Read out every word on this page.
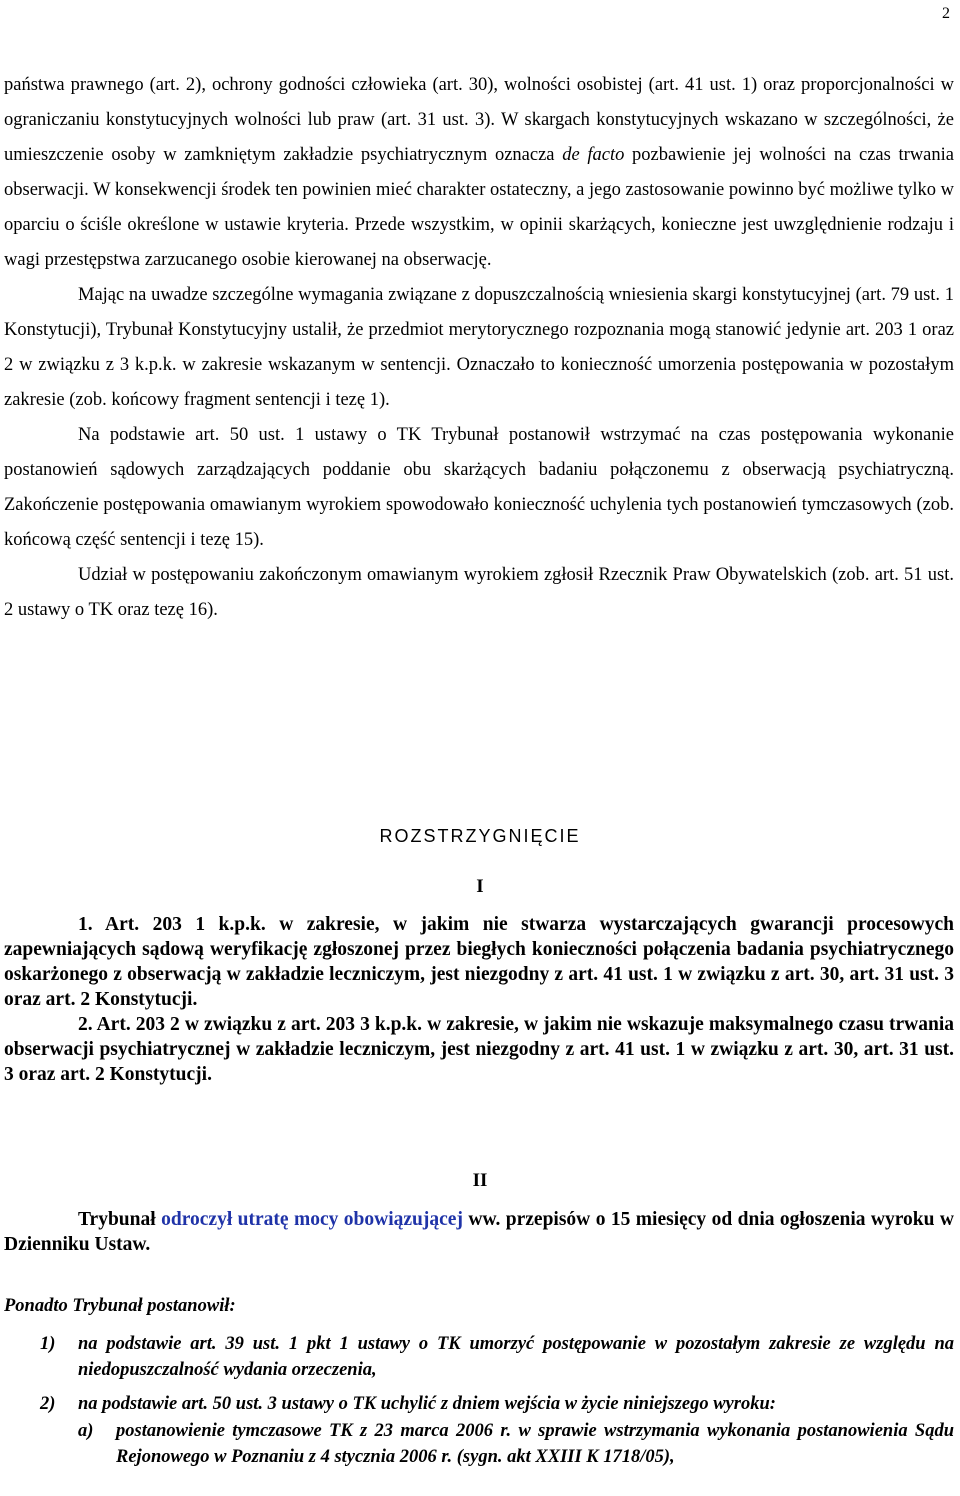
2

państwa prawnego (art. 2), ochrony godności człowieka (art. 30), wolności osobistej (art. 41 ust. 1) oraz proporcjonalności w ograniczaniu konstytucyjnych wolności lub praw (art. 31 ust. 3). W skargach konstytucyjnych wskazano w szczególności, że umieszczenie osoby w zamkniętym zakładzie psychiatrycznym oznacza de facto pozbawienie jej wolności na czas trwania obserwacji. W konsekwencji środek ten powinien mieć charakter ostateczny, a jego zastosowanie powinno być możliwe tylko w oparciu o ściśle określone w ustawie kryteria. Przede wszystkim, w opinii skarżących, konieczne jest uwzględnienie rodzaju i wagi przestępstwa zarzucanego osobie kierowanej na obserwację.

Mając na uwadze szczególne wymagania związane z dopuszczalnością wniesienia skargi konstytucyjnej (art. 79 ust. 1 Konstytucji), Trybunał Konstytucyjny ustalił, że przedmiot merytorycznego rozpoznania mogą stanowić jedynie art. 203 1 oraz 2 w związku z 3 k.p.k. w zakresie wskazanym w sentencji. Oznaczało to konieczność umorzenia postępowania w pozostałym zakresie (zob. końcowy fragment sentencji i tezę 1).

Na podstawie art. 50 ust. 1 ustawy o TK Trybunał postanowił wstrzymać na czas postępowania wykonanie postanowień sądowych zarządzających poddanie obu skarżących badaniu połączonemu z obserwacją psychiatryczną. Zakończenie postępowania omawianym wyrokiem spowodowało konieczność uchylenia tych postanowień tymczasowych (zob. końcową część sentencji i tezę 15).

Udział w postępowaniu zakończonym omawianym wyrokiem zgłosił Rzecznik Praw Obywatelskich (zob. art. 51 ust. 2 ustawy o TK oraz tezę 16).

ROZSTRZYGNIĘCIE
I

1. Art. 203 1 k.p.k. w zakresie, w jakim nie stwarza wystarczających gwarancji procesowych zapewniających sądową weryfikację zgłoszonej przez biegłych konieczności połączenia badania psychiatrycznego oskarżonego z obserwacją w zakładzie leczniczym, jest niezgodny z art. 41 ust. 1 w związku z art. 30, art. 31 ust. 3 oraz art. 2 Konstytucji.

2. Art. 203 2 w związku z art. 203 3 k.p.k. w zakresie, w jakim nie wskazuje maksymalnego czasu trwania obserwacji psychiatrycznej w zakładzie leczniczym, jest niezgodny z art. 41 ust. 1 w związku z art. 30, art. 31 ust. 3 oraz art. 2 Konstytucji.

II

Trybunał odroczył utratę mocy obowiązującej ww. przepisów o 15 miesięcy od dnia ogłoszenia wyroku w Dzienniku Ustaw.

Ponadto Trybunał postanowił:
1) na podstawie art. 39 ust. 1 pkt 1 ustawy o TK umorzyć postępowanie w pozostałym zakresie ze względu na niedopuszczalność wydania orzeczenia,
2) na podstawie art. 50 ust. 3 ustawy o TK uchylić z dniem wejścia w życie niniejszego wyroku:
a) postanowienie tymczasowe TK z 23 marca 2006 r. w sprawie wstrzymania wykonania postanowienia Sądu Rejonowego w Poznaniu z 4 stycznia 2006 r. (sygn. akt XXIII K 1718/05),
